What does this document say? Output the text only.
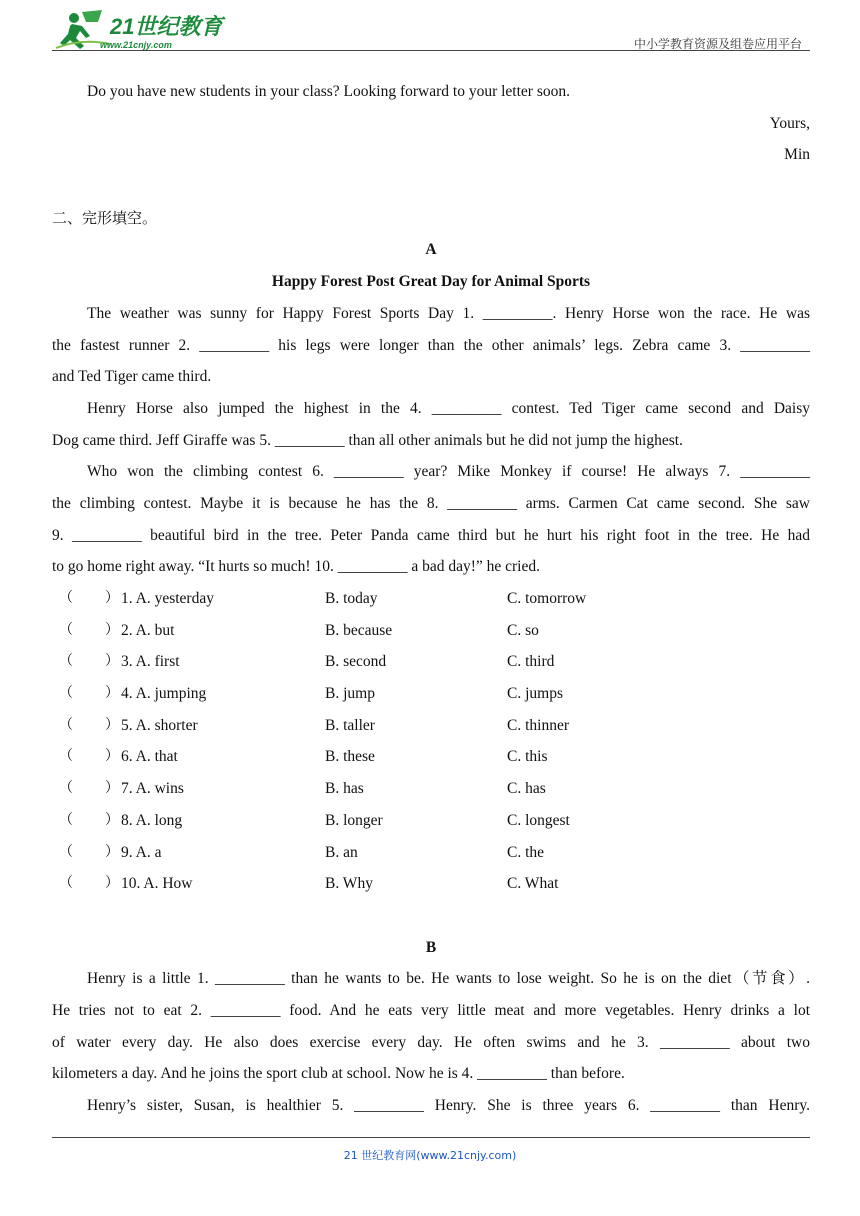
21世纪教育
www.21cnjy.com	中小学教育资源及组卷应用平台
Do you have new students in your class? Looking forward to your letter soon.
Yours,
Min
二、完形填空。
A
Happy Forest Post Great Day for Animal Sports
The weather was sunny for Happy Forest Sports Day 1. _________. Henry Horse won the race. He was
the fastest runner 2. _________ his legs were longer than the other animals’ legs. Zebra came 3. _________
and Ted Tiger came third.
Henry Horse also jumped the highest in the 4. _________ contest. Ted Tiger came second and Daisy
Dog came third. Jeff Giraffe was 5. _________ than all other animals but he did not jump the highest.
Who won the climbing contest 6. _________ year? Mike Monkey if course! He always 7. _________
the climbing contest. Maybe it is because he has the 8. _________ arms. Carmen Cat came second. She saw
9. _________ beautiful bird in the tree. Peter Panda came third but he hurt his right foot in the tree. He had
to go home right away. “It hurts so much! 10. _________ a bad day!” he cried.
（ ） 1. A. yesterday	B. today	C. tomorrow
（ ） 2. A. but	B. because	C. so
（ ） 3. A. first	B. second	C. third
（ ） 4. A. jumping	B. jump	C. jumps
（ ） 5. A. shorter	B. taller	C. thinner
（ ） 6. A. that	B. these	C. this
（ ） 7. A. wins	B. has	C. has
（ ） 8. A. long	B. longer	C. longest
（ ） 9. A. a	B. an	C. the
（ ） 10. A. How	B. Why	C. What
B
Henry is a little 1. _________ than he wants to be. He wants to lose weight. So he is on the diet（节食）.
He tries not to eat 2. _________ food. And he eats very little meat and more vegetables. Henry drinks a lot
of water every day. He also does exercise every day. He often swims and he 3. _________ about two
kilometers a day. And he joins the sport club at school. Now he is 4. _________ than before.
Henry’s sister, Susan, is healthier 5. _________ Henry. She is three years 6. _________ than Henry.
21 世纪教育网(www.21cnjy.com)
